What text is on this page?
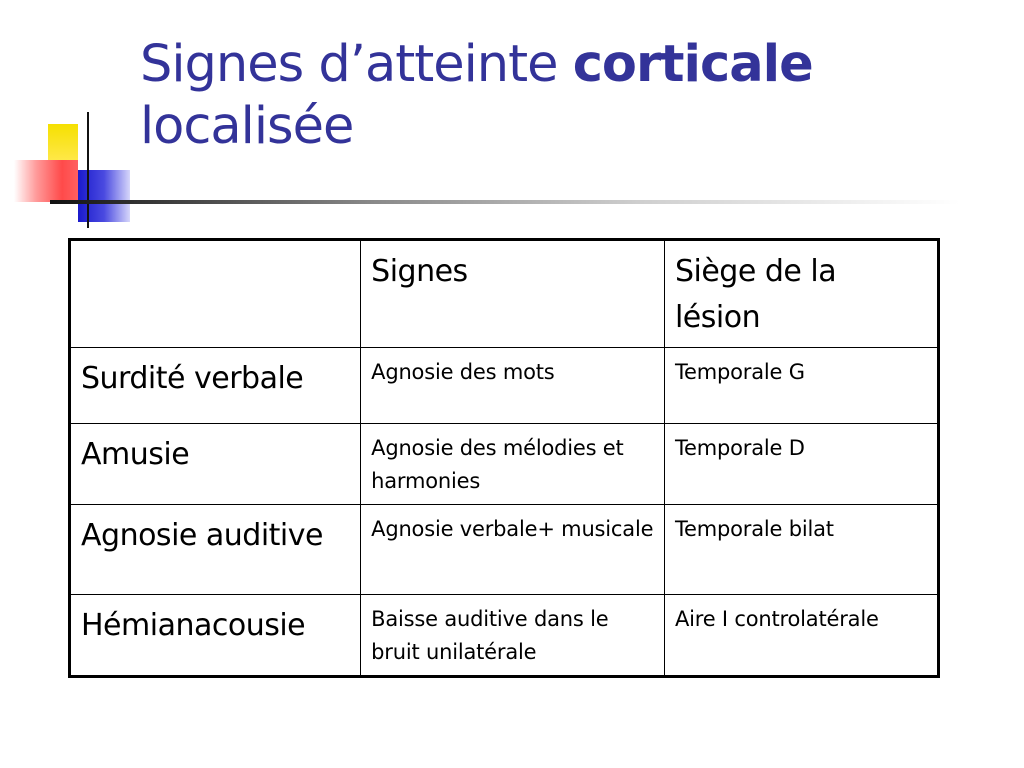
Signes d’atteinte corticale
localisée
	Signes	Siège de la lésion
Surdité verbale	Agnosie des mots	Temporale G
Amusie	Agnosie des mélodies et harmonies	Temporale D
Agnosie auditive	Agnosie verbale+ musicale	Temporale bilat
Hémianacousie	Baisse auditive dans le bruit unilatérale	Aire I controlatérale
